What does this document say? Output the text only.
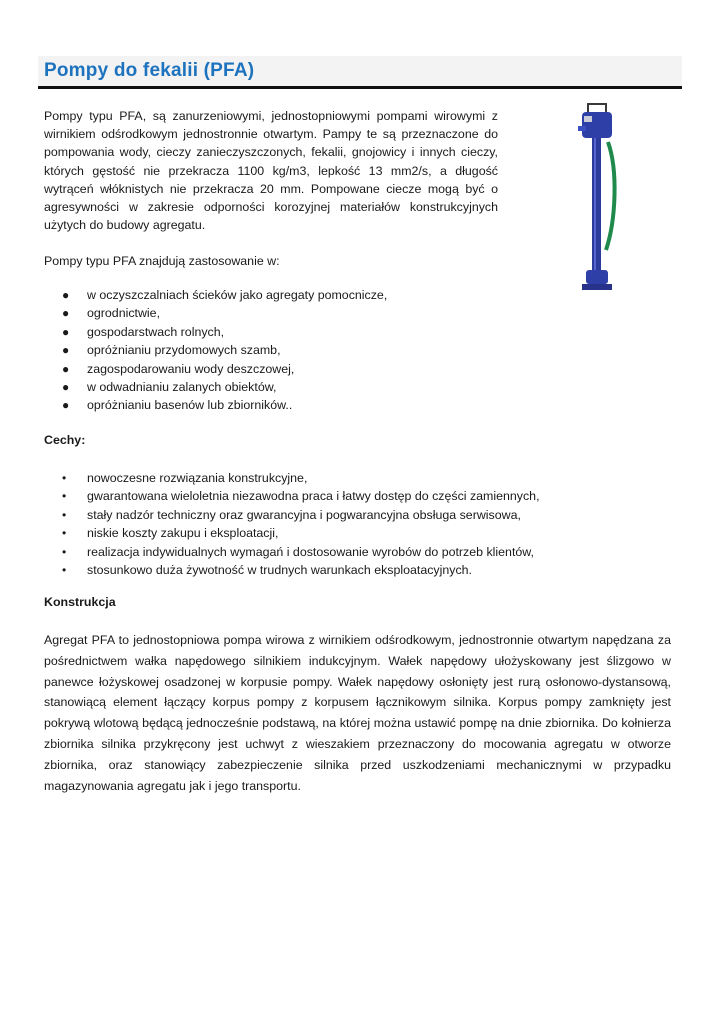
Pompy do fekalii (PFA)

Pompy typu PFA, są zanurzeniowymi, jednostopniowymi pompami wirowymi z wirnikiem odśrodkowym jednostronnie otwartym. Pampy te są przeznaczone do pompowania wody, cieczy zanieczyszczonych, fekalii, gnojowicy i innych cieczy, których gęstość nie przekracza 1100 kg/m3, lepkość 13 mm2/s, a długość wytrąceń włóknistych nie przekracza 20 mm. Pompowane ciecze mogą być o agresywności w zakresie odporności korozyjnej materiałów konstrukcyjnych użytych do budowy agregatu.

Pompy typu PFA znajdują zastosowanie w:

● w oczyszczalniach ścieków jako agregaty pomocnicze,
● ogrodnictwie,
● gospodarstwach rolnych,
● opróżnianiu przydomowych szamb,
● zagospodarowaniu wody deszczowej,
● w odwadnianiu zalanych obiektów,
● opróżnianiu basenów lub zbiorników..

Cechy:

• nowoczesne rozwiązania konstrukcyjne,
• gwarantowana wieloletnia niezawodna praca i łatwy dostęp do części zamiennych,
• stały nadzór techniczny oraz gwarancyjna i pogwarancyjna obsługa serwisowa,
• niskie koszty zakupu i eksploatacji,
• realizacja indywidualnych wymagań i dostosowanie wyrobów do potrzeb klientów,
• stosunkowo duża żywotność w trudnych warunkach eksploatacyjnych.

Konstrukcja

Agregat PFA to jednostopniowa pompa wirowa z wirnikiem odśrodkowym, jednostronnie otwartym napędzana za pośrednictwem wałka napędowego silnikiem indukcyjnym. Wałek napędowy ułożyskowany jest ślizgowo w panewce łożyskowej osadzonej w korpusie pompy. Wałek napędowy osłonięty jest rurą osłonowo-dystansową, stanowiącą element łączący korpus pompy z korpusem łącznikowym silnika. Korpus pompy zamknięty jest pokrywą wlotową będącą jednocześnie podstawą, na której można ustawić pompę na dnie zbiornika. Do kołnierza zbiornika silnika przykręcony jest uchwyt z wieszakiem przeznaczony do mocowania agregatu w otworze zbiornika, oraz stanowiący zabezpieczenie silnika przed uszkodzeniami mechanicznymi w przypadku magazynowania agregatu jak i jego transportu.
